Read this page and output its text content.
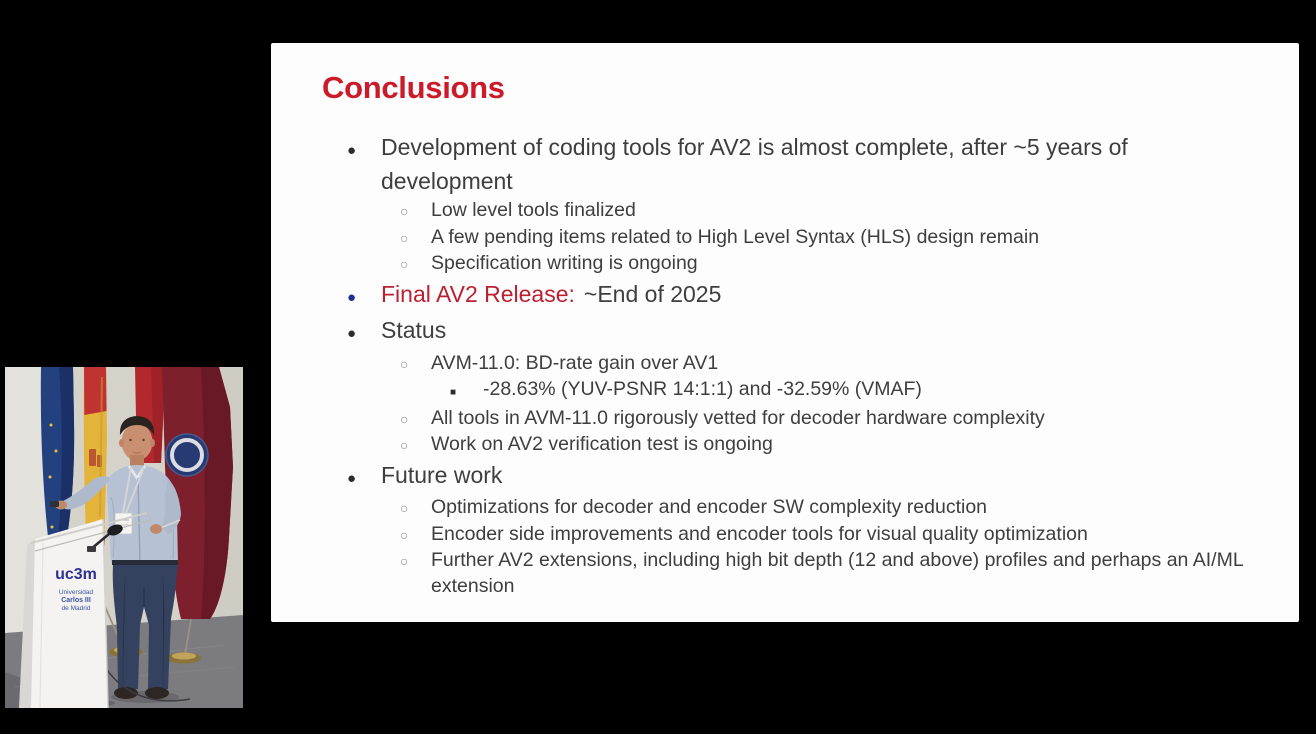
Conclusions
●	Development of coding tools for AV2 is almost complete, after ~5 years of development
○	Low level tools finalized
○	A few pending items related to High Level Syntax (HLS) design remain
○	Specification writing is ongoing
●	Final AV2 Release: ~End of 2025
●	Status
○	AVM-11.0: BD-rate gain over AV1
■	-28.63% (YUV-PSNR 14:1:1) and -32.59% (VMAF)
○	All tools in AVM-11.0 rigorously vetted for decoder hardware complexity
○	Work on AV2 verification test is ongoing
●	Future work
○	Optimizations for decoder and encoder SW complexity reduction
○	Encoder side improvements and encoder tools for visual quality optimization
○	Further AV2 extensions, including high bit depth (12 and above) profiles and perhaps an AI/ML extension
uc3m
Universidad
Carlos III
de Madrid
